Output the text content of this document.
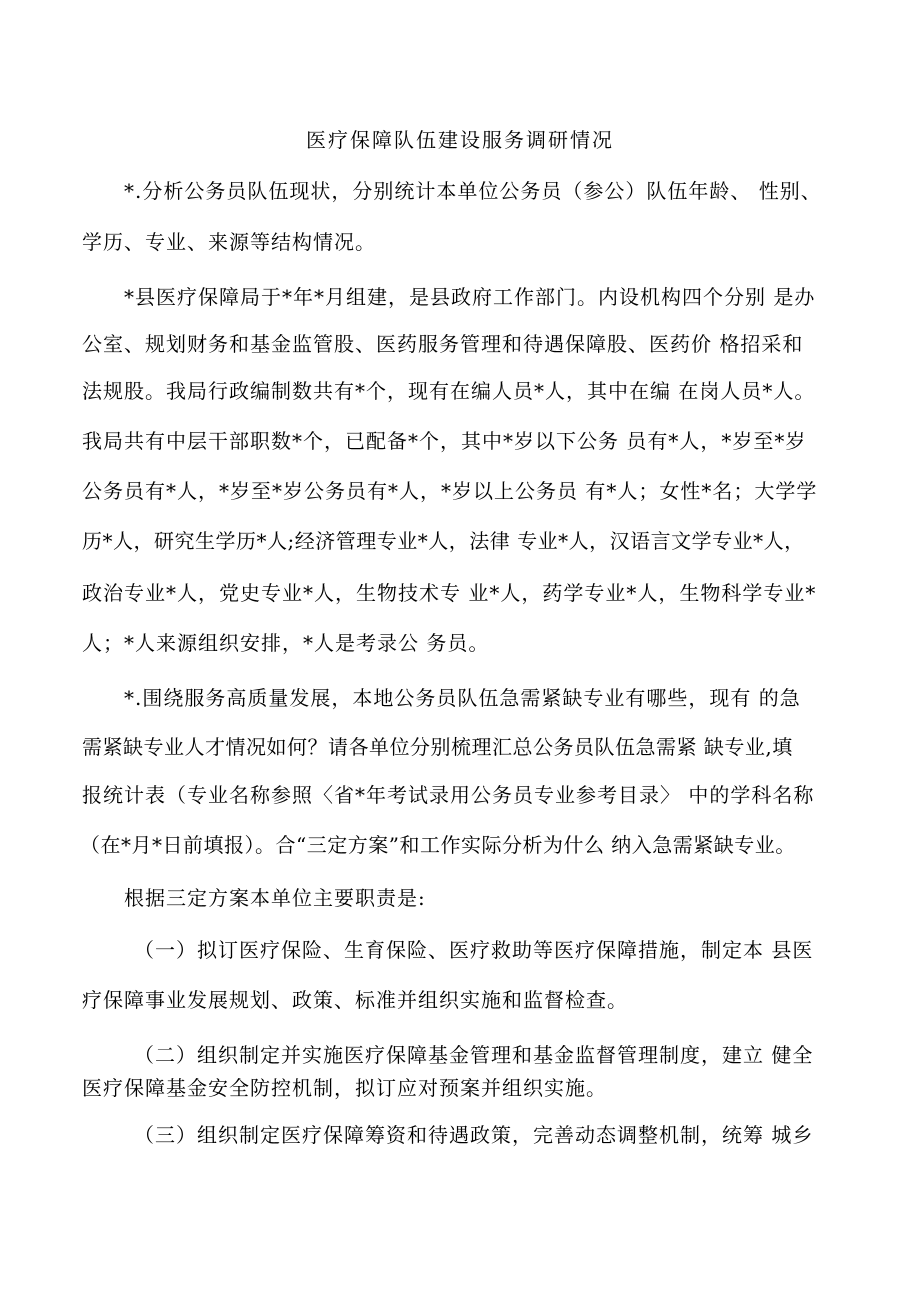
医疗保障队伍建设服务调研情况
*.分析公务员队伍现状，分别统计本单位公务员（参公）队伍年龄、 性别、
学历、专业、来源等结构情况。
*县医疗保障局于*年*月组建，是县政府工作部门。内设机构四个分别 是办
公室、规划财务和基金监管股、医药服务管理和待遇保障股、医药价 格招采和
法规股。我局行政编制数共有*个，现有在编人员*人，其中在编 在岗人员*人。
我局共有中层干部职数*个，已配备*个，其中*岁以下公务 员有*人，*岁至*岁
公务员有*人，*岁至*岁公务员有*人，*岁以上公务员 有*人；女性*名；大学学
历*人，研究生学历*人;经济管理专业*人，法律 专业*人，汉语言文学专业*人，
政治专业*人，党史专业*人，生物技术专 业*人，药学专业*人，生物科学专业*
人；*人来源组织安排，*人是考录公 务员。
*.围绕服务高质量发展，本地公务员队伍急需紧缺专业有哪些，现有 的急
需紧缺专业人才情况如何？请各单位分别梳理汇总公务员队伍急需紧 缺专业,填
报统计表（专业名称参照〈省*年考试录用公务员专业参考目录〉 中的学科名称
（在*月*日前填报）。合“三定方案”和工作实际分析为什么 纳入急需紧缺专业。
根据三定方案本单位主要职责是:
（一）拟订医疗保险、生育保险、医疗救助等医疗保障措施，制定本 县医
疗保障事业发展规划、政策、标准并组织实施和监督检查。
（二）组织制定并实施医疗保障基金管理和基金监督管理制度，建立 健全
医疗保障基金安全防控机制，拟订应对预案并组织实施。
（三）组织制定医疗保障筹资和待遇政策，完善动态调整机制，统筹 城乡
